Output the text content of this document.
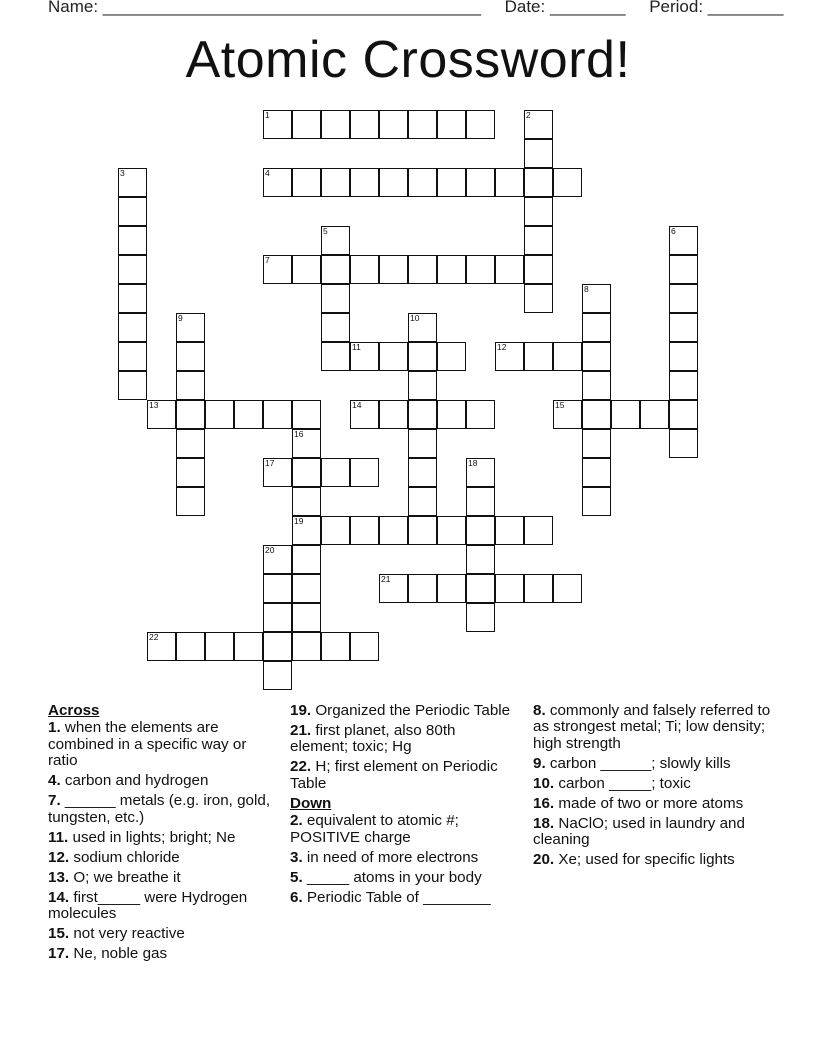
Name: ________________________________________     Date: ________     Period: ________
Atomic Crossword!
1	2
3	4
5	6
7
8
9	10
11	12
13	14	15
16
19
17	18
20
21
22
Across
1. when the elements are combined in a specific way or ratio
4. carbon and hydrogen
7. ______ metals (e.g. iron, gold, tungsten, etc.)
11. used in lights; bright; Ne
12. sodium chloride
13. O; we breathe it
14. first_____ were Hydrogen molecules
15. not very reactive
17. Ne, noble gas
19. Organized the Periodic Table
21. first planet, also 80th element; toxic; Hg
22. H; first element on Periodic Table
Down
2. equivalent to atomic #; POSITIVE charge
3. in need of more electrons
5. _____ atoms in your body
6. Periodic Table of ________
8. commonly and falsely referred to as strongest metal; Ti; low density; high strength
9. carbon ______; slowly kills
10. carbon _____; toxic
16. made of two or more atoms
18. NaClO; used in laundry and cleaning
20. Xe; used for specific lights
